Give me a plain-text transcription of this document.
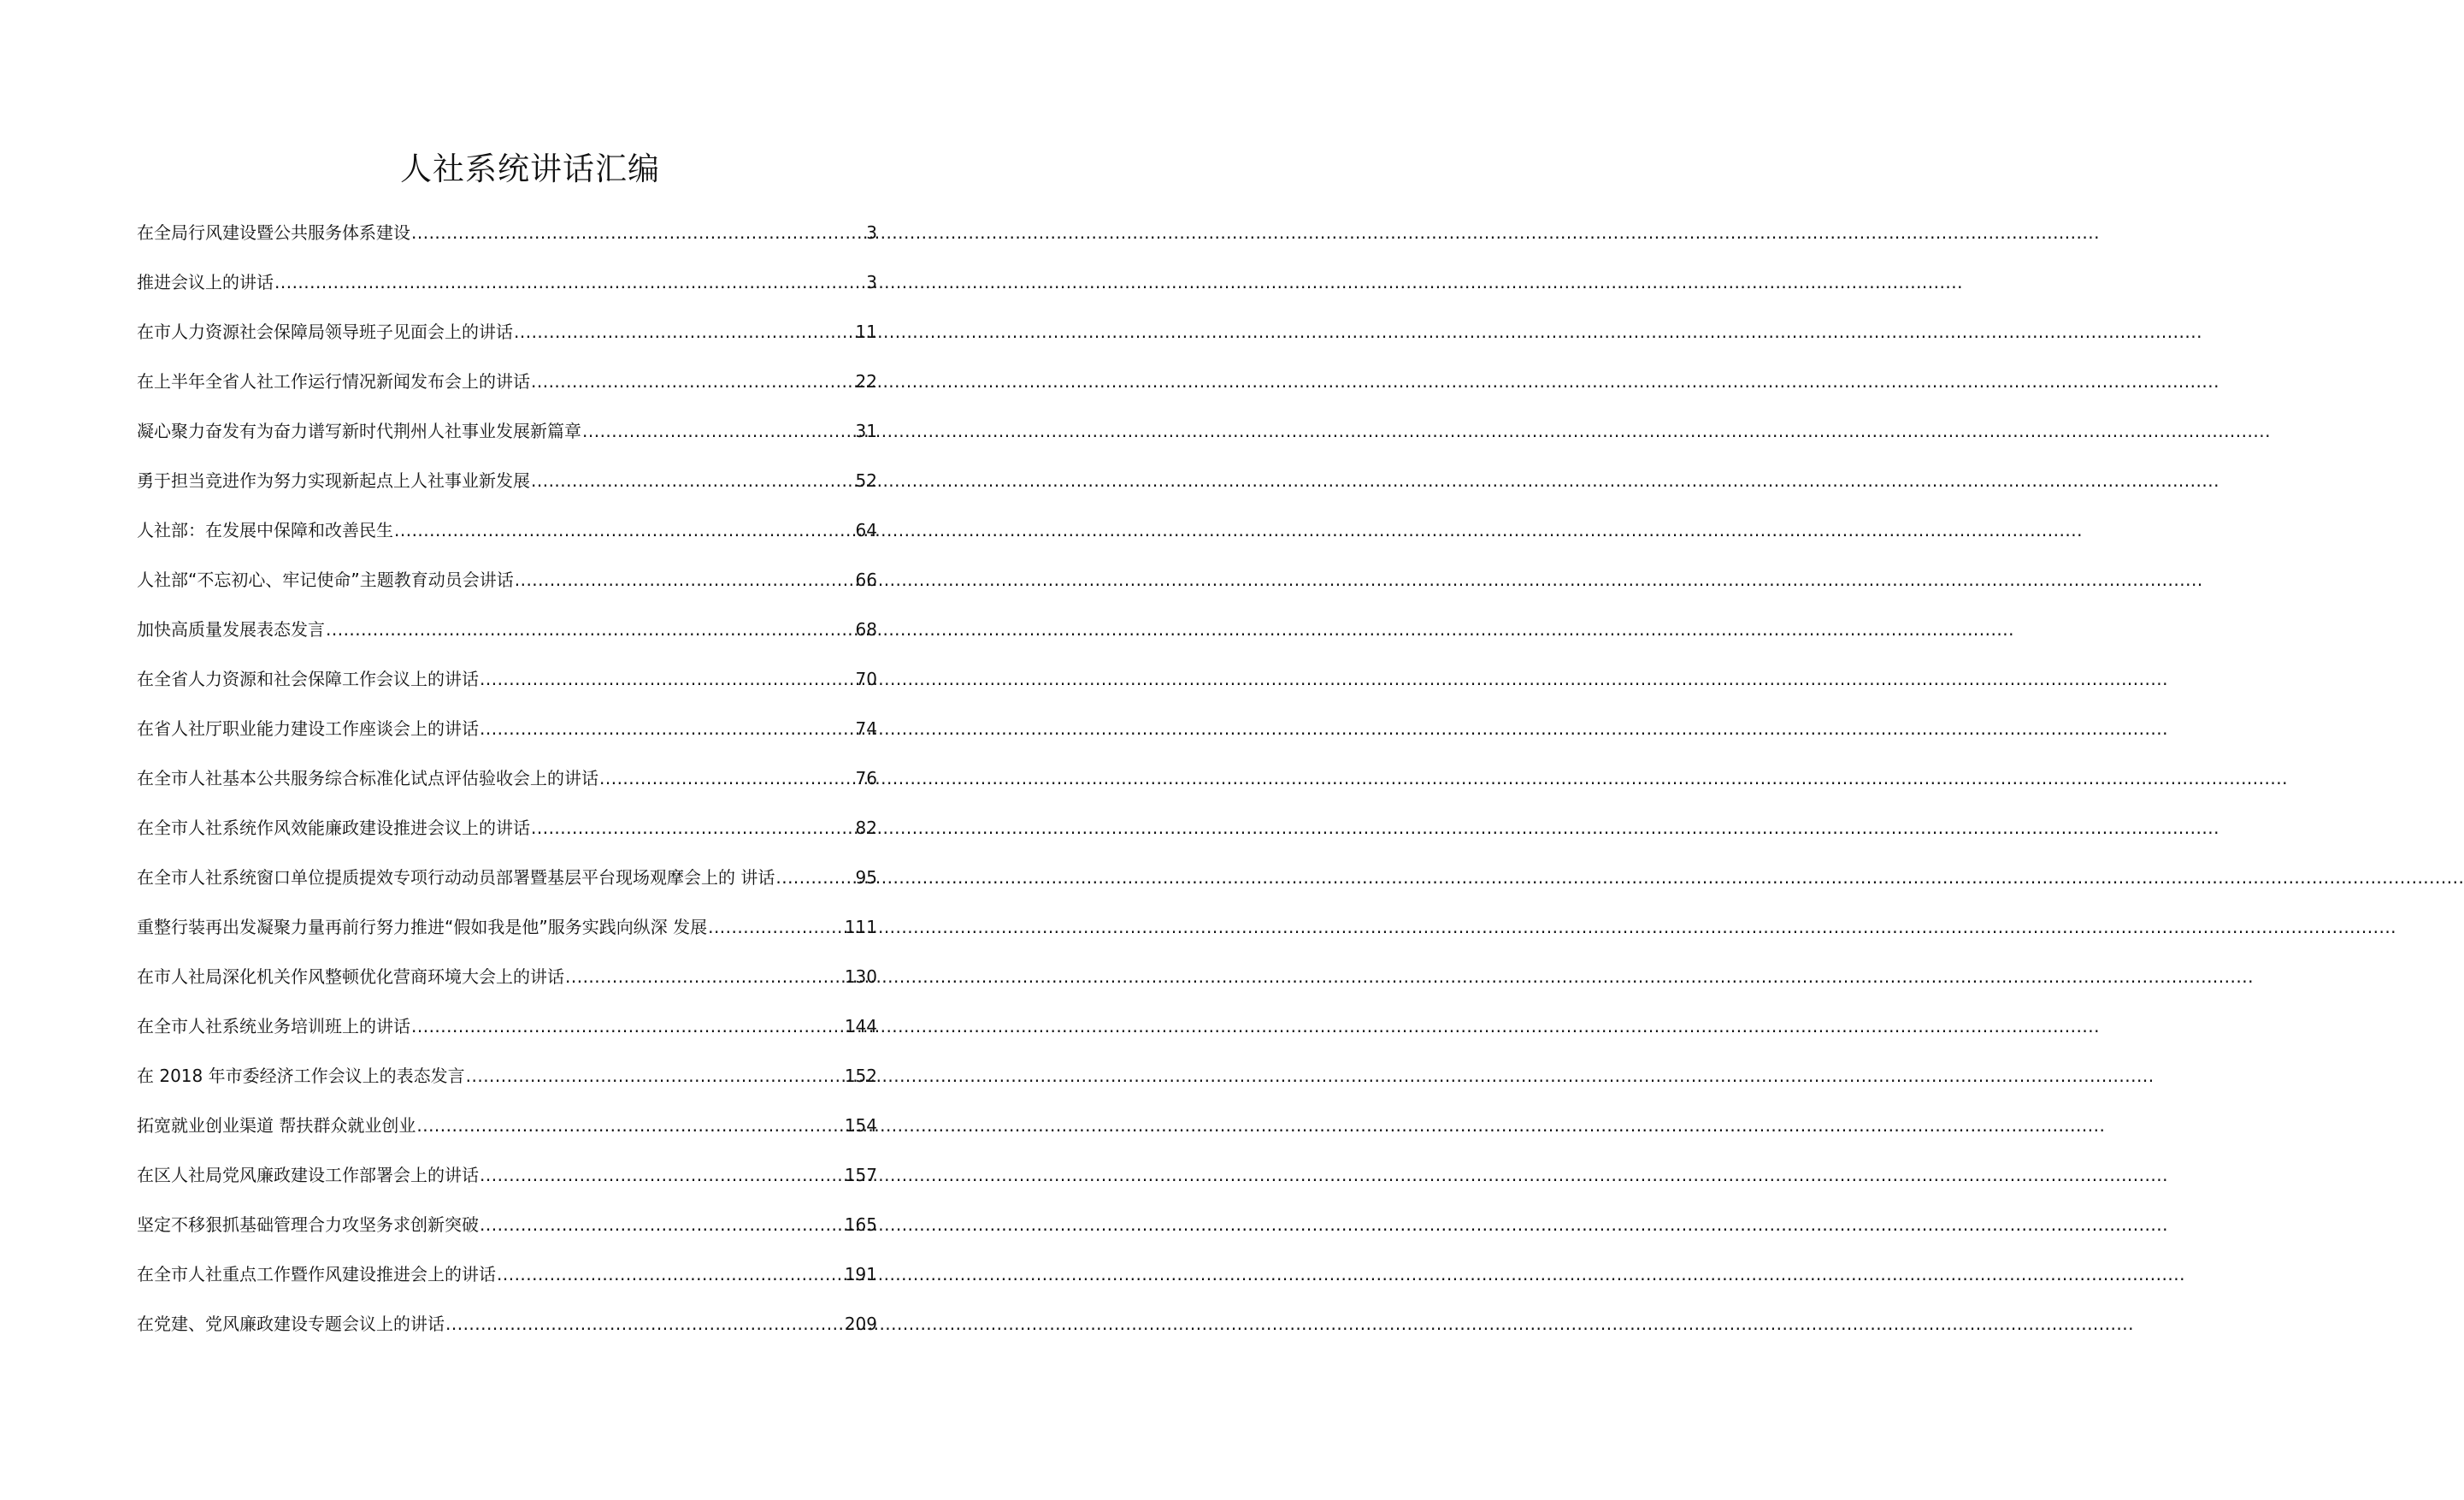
人社系统讲话汇编
在全局行风建设暨公共服务体系建设 .....	3
推进会议上的讲话 .....	3
在市人力资源社会保障局领导班子见面会上的讲话 .....	11
在上半年全省人社工作运行情况新闻发布会上的讲话 .....	22
凝心聚力奋发有为奋力谱写新时代荆州人社事业发展新篇章 .....	31
勇于担当竞进作为努力实现新起点上人社事业新发展 .....	52
人社部：在发展中保障和改善民生 .....	64
人社部“不忘初心、牢记使命”主题教育动员会讲话 .....	66
加快高质量发展表态发言 .....	68
在全省人力资源和社会保障工作会议上的讲话 .....	70
在省人社厅职业能力建设工作座谈会上的讲话 .....	74
在全市人社基本公共服务综合标准化试点评估验收会上的讲话 .....	76
在全市人社系统作风效能廉政建设推进会议上的讲话 .....	82
在全市人社系统窗口单位提质提效专项行动动员部署暨基层平台现场观摩会上的 讲话 .....	95
重整行装再出发凝聚力量再前行努力推进“假如我是他”服务实践向纵深 发展 .....	111
在市人社局深化机关作风整顿优化营商环境大会上的讲话 .....	130
在全市人社系统业务培训班上的讲话 .....	144
在 2018 年市委经济工作会议上的表态发言 .....	152
拓宽就业创业渠道 帮扶群众就业创业 .....	154
在区人社局党风廉政建设工作部署会上的讲话 .....	157
坚定不移狠抓基础管理合力攻坚务求创新突破 .....	165
在全市人社重点工作暨作风建设推进会上的讲话 .....	191
在党建、党风廉政建设专题会议上的讲话 .....	209
